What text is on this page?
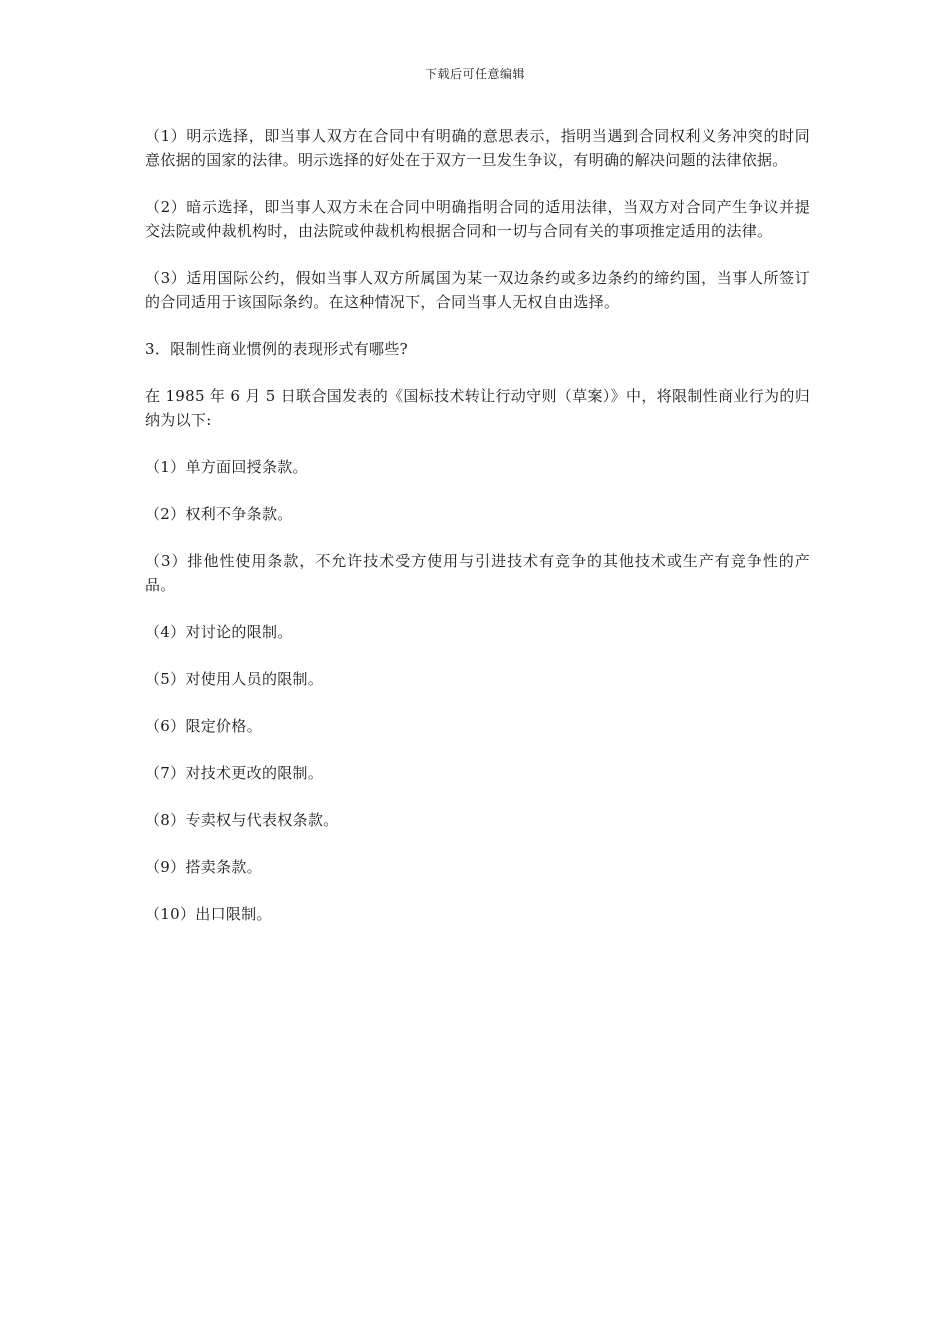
下载后可任意编辑

（1）明示选择，即当事人双方在合同中有明确的意思表示，指明当遇到合同权利义务冲突的时同意依据的国家的法律。明示选择的好处在于双方一旦发生争议，有明确的解决问题的法律依据。

（2）暗示选择，即当事人双方未在合同中明确指明合同的适用法律，当双方对合同产生争议并提交法院或仲裁机构时，由法院或仲裁机构根据合同和一切与合同有关的事项推定适用的法律。

（3）适用国际公约，假如当事人双方所属国为某一双边条约或多边条约的缔约国，当事人所签订的合同适用于该国际条约。在这种情况下，合同当事人无权自由选择。

3．限制性商业惯例的表现形式有哪些?

在 1985 年 6 月 5 日联合国发表的《国标技术转让行动守则（草案）》中，将限制性商业行为的归纳为以下:

（1）单方面回授条款。

（2）权利不争条款。

（3）排他性使用条款，不允许技术受方使用与引进技术有竞争的其他技术或生产有竞争性的产品。

（4）对讨论的限制。

（5）对使用人员的限制。

（6）限定价格。

（7）对技术更改的限制。

（8）专卖权与代表权条款。

（9）搭卖条款。

（10）出口限制。
